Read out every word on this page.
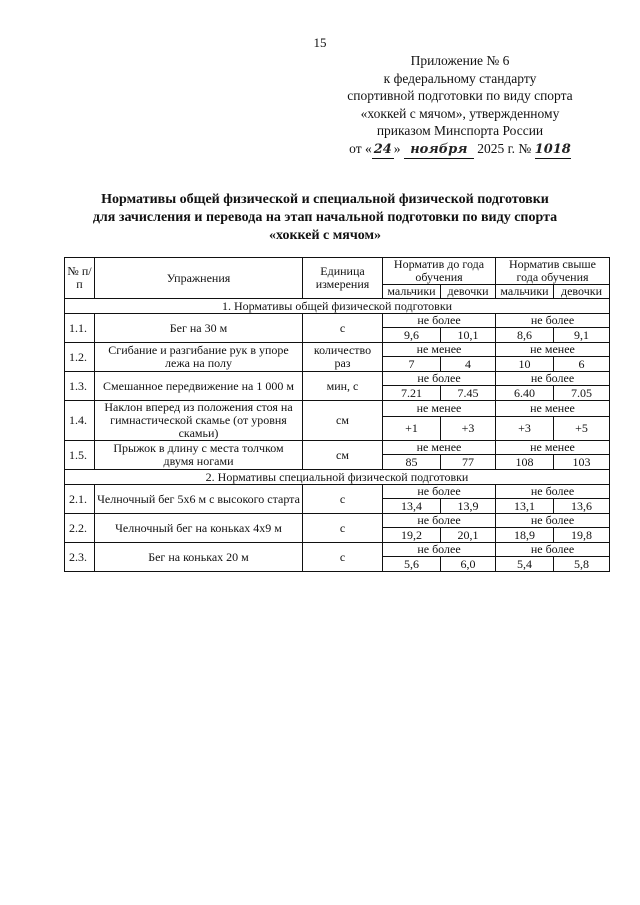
15
Приложение № 6
к федеральному стандарту
спортивной подготовки по виду спорта
«хоккей с мячом», утвержденному
приказом Минспорта России
от « 24 » ноября 2025 г. № 1018
Нормативы общей физической и специальной физической подготовки
для зачисления и перевода на этап начальной подготовки по виду спорта
«хоккей с мячом»
№ п/п	Упражнения	Единица измерения	Норматив до года обучения		Норматив свыше года обучения	
			мальчики	девочки	мальчики	девочки
1. Нормативы общей физической подготовки						
1.1.	Бег на 30 м	с	не более		не более	
			9,6	10,1	8,6	9,1
1.2.	Сгибание и разгибание рук в упоре лежа на полу	количество раз	не менее		не менее	
			7	4	10	6
1.3.	Смешанное передвижение на 1 000 м	мин, с	не более		не более	
			7.21	7.45	6.40	7.05
1.4.	Наклон вперед из положения стоя на гимнастической скамье (от уровня скамьи)	см	не менее		не менее	
			+1	+3	+3	+5
1.5.	Прыжок в длину с места толчком двумя ногами	см	не менее		не менее	
			85	77	108	103
2. Нормативы специальной физической подготовки						
2.1.	Челночный бег 5х6 м с высокого старта	с	не более		не более	
			13,4	13,9	13,1	13,6
2.2.	Челночный бег на коньках 4х9 м	с	не более		не более	
			19,2	20,1	18,9	19,8
2.3.	Бег на коньках 20 м	с	не более		не более	
			5,6	6,0	5,4	5,8
